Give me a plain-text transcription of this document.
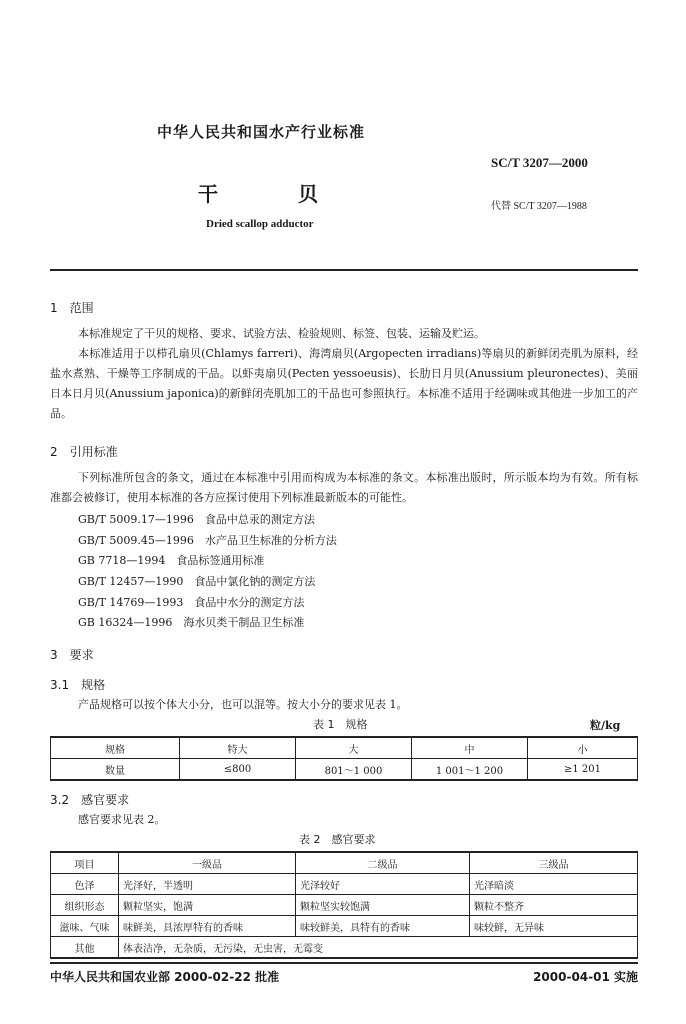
中华人民共和国水产行业标准
SC/T 3207—2000
干　　　　贝
代替 SC/T 3207—1988
Dried scallop adductor
1　范围

本标准规定了干贝的规格、要求、试验方法、检验规则、标签、包装、运输及贮运。

本标准适用于以栉孔扇贝(Chlamys farreri)、海湾扇贝(Argopecten irradians)等扇贝的新鲜闭壳肌为原料，经盐水煮熟、干燥等工序制成的干品。以虾夷扇贝(Pecten yessoeusis)、长肋日月贝(Anussium pleuronectes)、美丽日本日月贝(Anussium japonica)的新鲜闭壳肌加工的干品也可参照执行。本标准不适用于经调味或其他进一步加工的产品。

2　引用标准

下列标准所包含的条文，通过在本标准中引用而构成为本标准的条文。本标准出版时，所示版本均为有效。所有标准都会被修订，使用本标准的各方应探讨使用下列标准最新版本的可能性。

GB/T 5009.17—1996　食品中总汞的测定方法
GB/T 5009.45—1996　水产品卫生标准的分析方法
GB 7718—1994　食品标签通用标准
GB/T 12457—1990　食品中氯化钠的测定方法
GB/T 14769—1993　食品中水分的测定方法
GB 16324—1996　海水贝类干制品卫生标准
3　要求
3.1　规格
产品规格可以按个体大小分，也可以混等。按大小分的要求见表 1。
表 1　规格	粒/kg
规格	特大	大	中	小
数量	≤800	801～1 000	1 001～1 200	≥1 201
3.2　感官要求
感官要求见表 2。
表 2　感官要求
项目	一级品	二级品	三级品
色泽	光泽好，半透明	光泽较好	光泽暗淡
组织形态	颗粒坚实，饱满	颗粒坚实较饱满	颗粒不整齐
滋味、气味	味鲜美，具浓厚特有的香味	味较鲜美，具特有的香味	味较鲜，无异味
其他	体表洁净，无杂质，无污染，无虫害，无霉变		
中华人民共和国农业部 2000-02-22 批准	2000-04-01 实施
